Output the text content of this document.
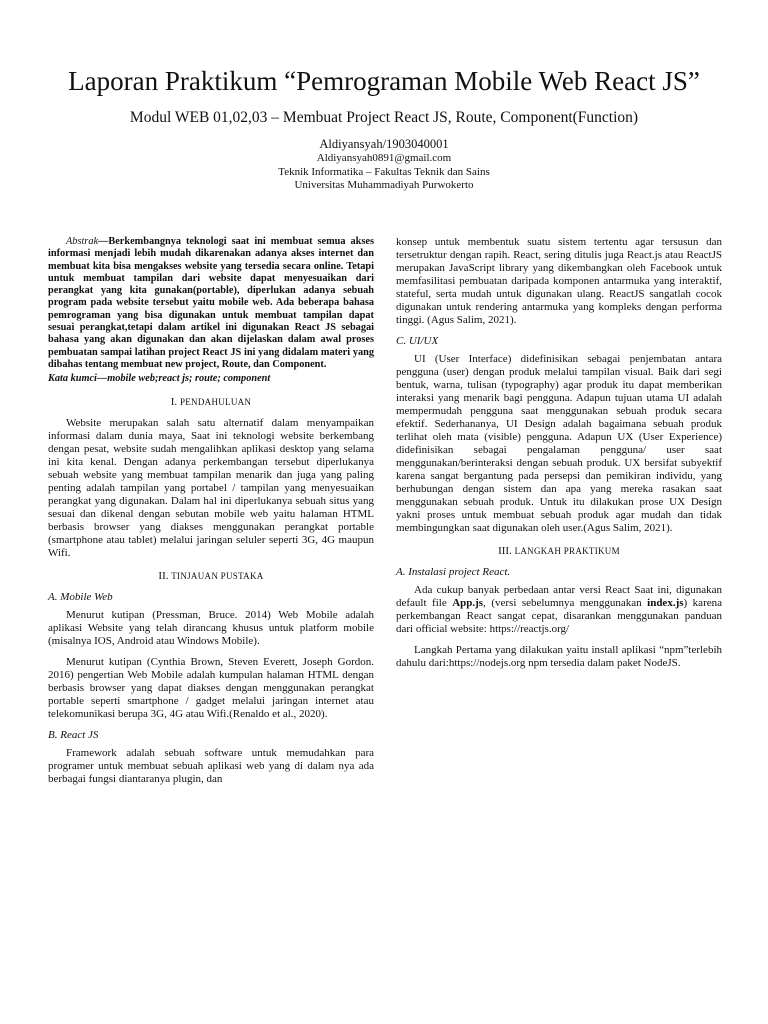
Laporan Praktikum “Pemrograman Mobile Web React JS”
Modul WEB 01,02,03 – Membuat Project React JS, Route, Component(Function)
Aldiyansyah/1903040001
Aldiyansyah0891@gmail.com
Teknik Informatika – Fakultas Teknik dan Sains
Universitas Muhammadiyah Purwokerto

Abstrak—Berkembangnya teknologi saat ini membuat semua akses informasi menjadi lebih mudah dikarenakan adanya akses internet dan membuat kita bisa mengakses website yang tersedia secara online. Tetapi untuk membuat tampilan dari website dapat menyesuaikan dari perangkat yang kita gunakan(portable), diperlukan adanya sebuah program pada website tersebut yaitu mobile web. Ada beberapa bahasa pemrograman yang bisa digunakan untuk membuat tampilan dapat sesuai perangkat,tetapi dalam artikel ini digunakan React JS sebagai bahasa yang akan digunakan dan akan dijelaskan dalam awal proses pembuatan sampai latihan project React JS ini yang didalam materi yang dibahas tentang membuat new project, Route, dan Component.

Kata kumci—mobile web;react js; route; component

I. PENDAHULUAN

Website merupakan salah satu alternatif dalam menyampaikan informasi dalam dunia maya, Saat ini teknologi website berkembang dengan pesat, website sudah mengalihkan aplikasi desktop yang selama ini kita kenal. Dengan adanya perkembangan tersebut diperlukanya sebuah website yang membuat tampilan menarik dan juga yang paling penting adalah tampilan yang portabel / tampilan yang menyesuaikan perangkat yang digunakan. Dalam hal ini diperlukanya sebuah situs yang sesuai dan dikenal dengan sebutan mobile web yaitu halaman HTML berbasis browser yang diakses menggunakan perangkat portable (smartphone atau tablet) melalui jaringan seluler seperti 3G, 4G maupun Wifi.

II. TINJAUAN PUSTAKA
A. Mobile Web

Menurut kutipan (Pressman, Bruce. 2014) Web Mobile adalah aplikasi Website yang telah dirancang khusus untuk platform mobile (misalnya IOS, Android atau Windows Mobile).

Menurut kutipan (Cynthia Brown, Steven Everett, Joseph Gordon. 2016) pengertian Web Mobile adalah kumpulan halaman HTML dengan berbasis browser yang dapat diakses dengan menggunakan perangkat portable seperti smartphone / gadget melalui jaringan internet atau telekomunikasi berupa 3G, 4G atau Wifi.(Renaldo et al., 2020).

B. React JS

Framework adalah sebuah software untuk memudahkan para programer untuk membuat sebuah aplikasi web yang di dalam nya ada berbagai fungsi diantaranya plugin, dan

konsep untuk membentuk suatu sistem tertentu agar tersusun dan tersetruktur dengan rapih. React, sering ditulis juga React.js atau ReactJS merupakan JavaScript library yang dikembangkan oleh Facebook untuk memfasilitasi pembuatan daripada komponen antarmuka yang interaktif, stateful, serta mudah untuk digunakan ulang. ReactJS sangatlah cocok digunakan untuk rendering antarmuka yang kompleks dengan performa tinggi. (Agus Salim, 2021).

C. UI/UX

UI (User Interface) didefinisikan sebagai penjembatan antara pengguna (user) dengan produk melalui tampilan visual. Baik dari segi bentuk, warna, tulisan (typography) agar produk itu dapat memberikan interaksi yang menarik bagi pengguna. Adapun tujuan utama UI adalah mempermudah pengguna saat menggunakan sebuah produk secara efektif. Sederhananya, UI Design adalah bagaimana sebuah produk terlihat oleh mata (visible) pengguna. Adapun UX (User Experience) didefinisikan sebagai pengalaman pengguna/ user saat menggunakan/berinteraksi dengan sebuah produk. UX bersifat subyektif karena sangat bergantung pada persepsi dan pemikiran individu, yang berhubungan dengan sistem dan apa yang mereka rasakan saat menggunakan sebuah produk. Untuk itu dilakukan prose UX Design yakni proses untuk membuat sebuah produk agar mudah dan tidak membingungkan saat digunakan oleh user.(Agus Salim, 2021).

III. LANGKAH PRAKTIKUM
A. Instalasi project React.

Ada cukup banyak perbedaan antar versi React Saat ini, digunakan default file App.js, (versi sebelumnya menggunakan index.js) karena perkembangan React sangat cepat, disarankan menggunakan panduan dari official website: https://reactjs.org/

Langkah Pertama yang dilakukan yaitu install aplikasi “npm”terlebih dahulu dari:https://nodejs.org npm tersedia dalam paket NodeJS.
